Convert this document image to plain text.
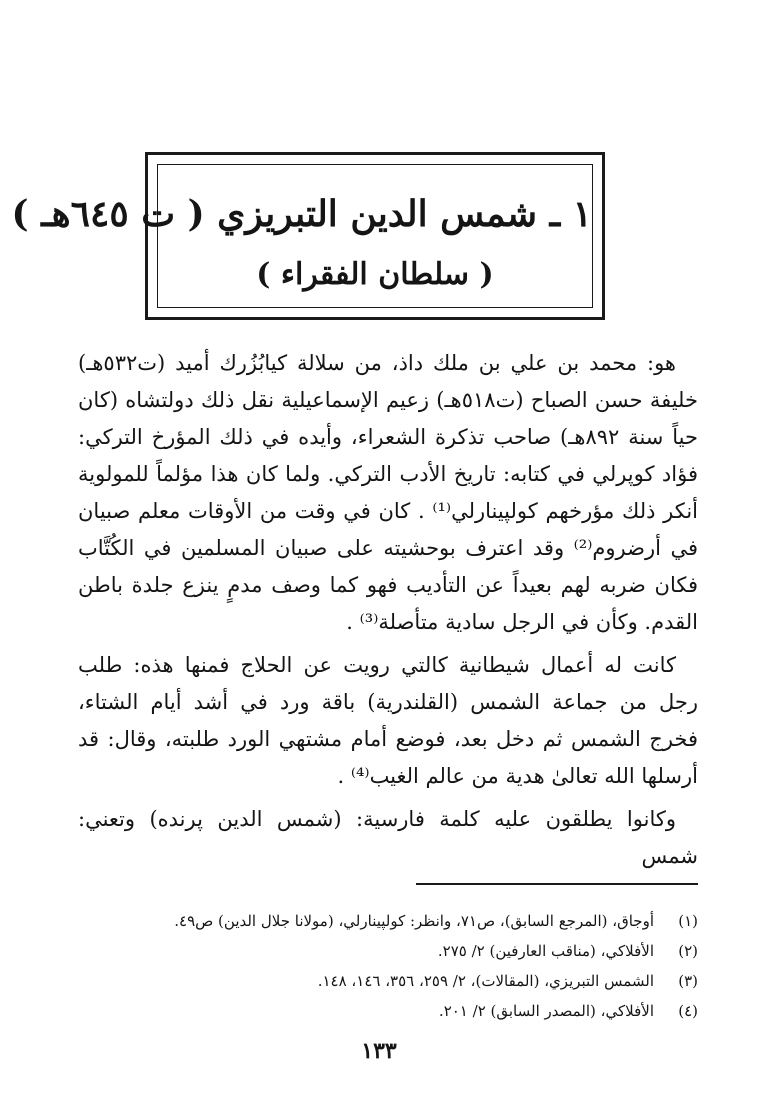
١ ـ شمس الدين التبريزي ( ت ٦٤٥هـ )
( سلطان الفقراء )

هو: محمد بن علي بن ملك داذ، من سلالة كيابُزُرك أميد (ت٥٣٢هـ) خليفة حسن الصباح (ت٥١٨هـ) زعيم الإسماعيلية نقل ذلك دولتشاه (كان حياً سنة ٨٩٢هـ) صاحب تذكرة الشعراء، وأيده في ذلك المؤرخ التركي: فؤاد كوپرلي في كتابه: تاريخ الأدب التركي. ولما كان هذا مؤلماً للمولوية أنكر ذلك مؤرخهم كولپينارلي⁽¹⁾ . كان في وقت من الأوقات معلم صبيان في أرضروم⁽²⁾ وقد اعترف بوحشيته على صبيان المسلمين في الكُتَّاب فكان ضربه لهم بعيداً عن التأديب فهو كما وصف مدمٍ ينزع جلدة باطن القدم. وكأن في الرجل سادية متأصلة⁽³⁾ .

كانت له أعمال شيطانية كالتي رويت عن الحلاج فمنها هذه: طلب رجل من جماعة الشمس (القلندرية) باقة ورد في أشد أيام الشتاء، فخرج الشمس ثم دخل بعد، فوضع أمام مشتهي الورد طلبته، وقال: قد أرسلها الله تعالىٰ هدية من عالم الغيب⁽⁴⁾ .

وكانوا يطلقون عليه كلمة فارسية: (شمس الدين پرنده) وتعني: شمس

(١)أوجاق، (المرجع السابق)، ص٧١، وانظر: كولپينارلي، (مولانا جلال الدين) ص٤٩.
(٢)الأفلاكي، (مناقب العارفين) ٢/ ٢٧٥.
(٣)الشمس التبريزي، (المقالات)، ٢/ ٢٥٩، ٣٥٦، ١٤٦، ١٤٨.
(٤)الأفلاكي، (المصدر السابق) ٢/ ٢٠١.
١٣٣
